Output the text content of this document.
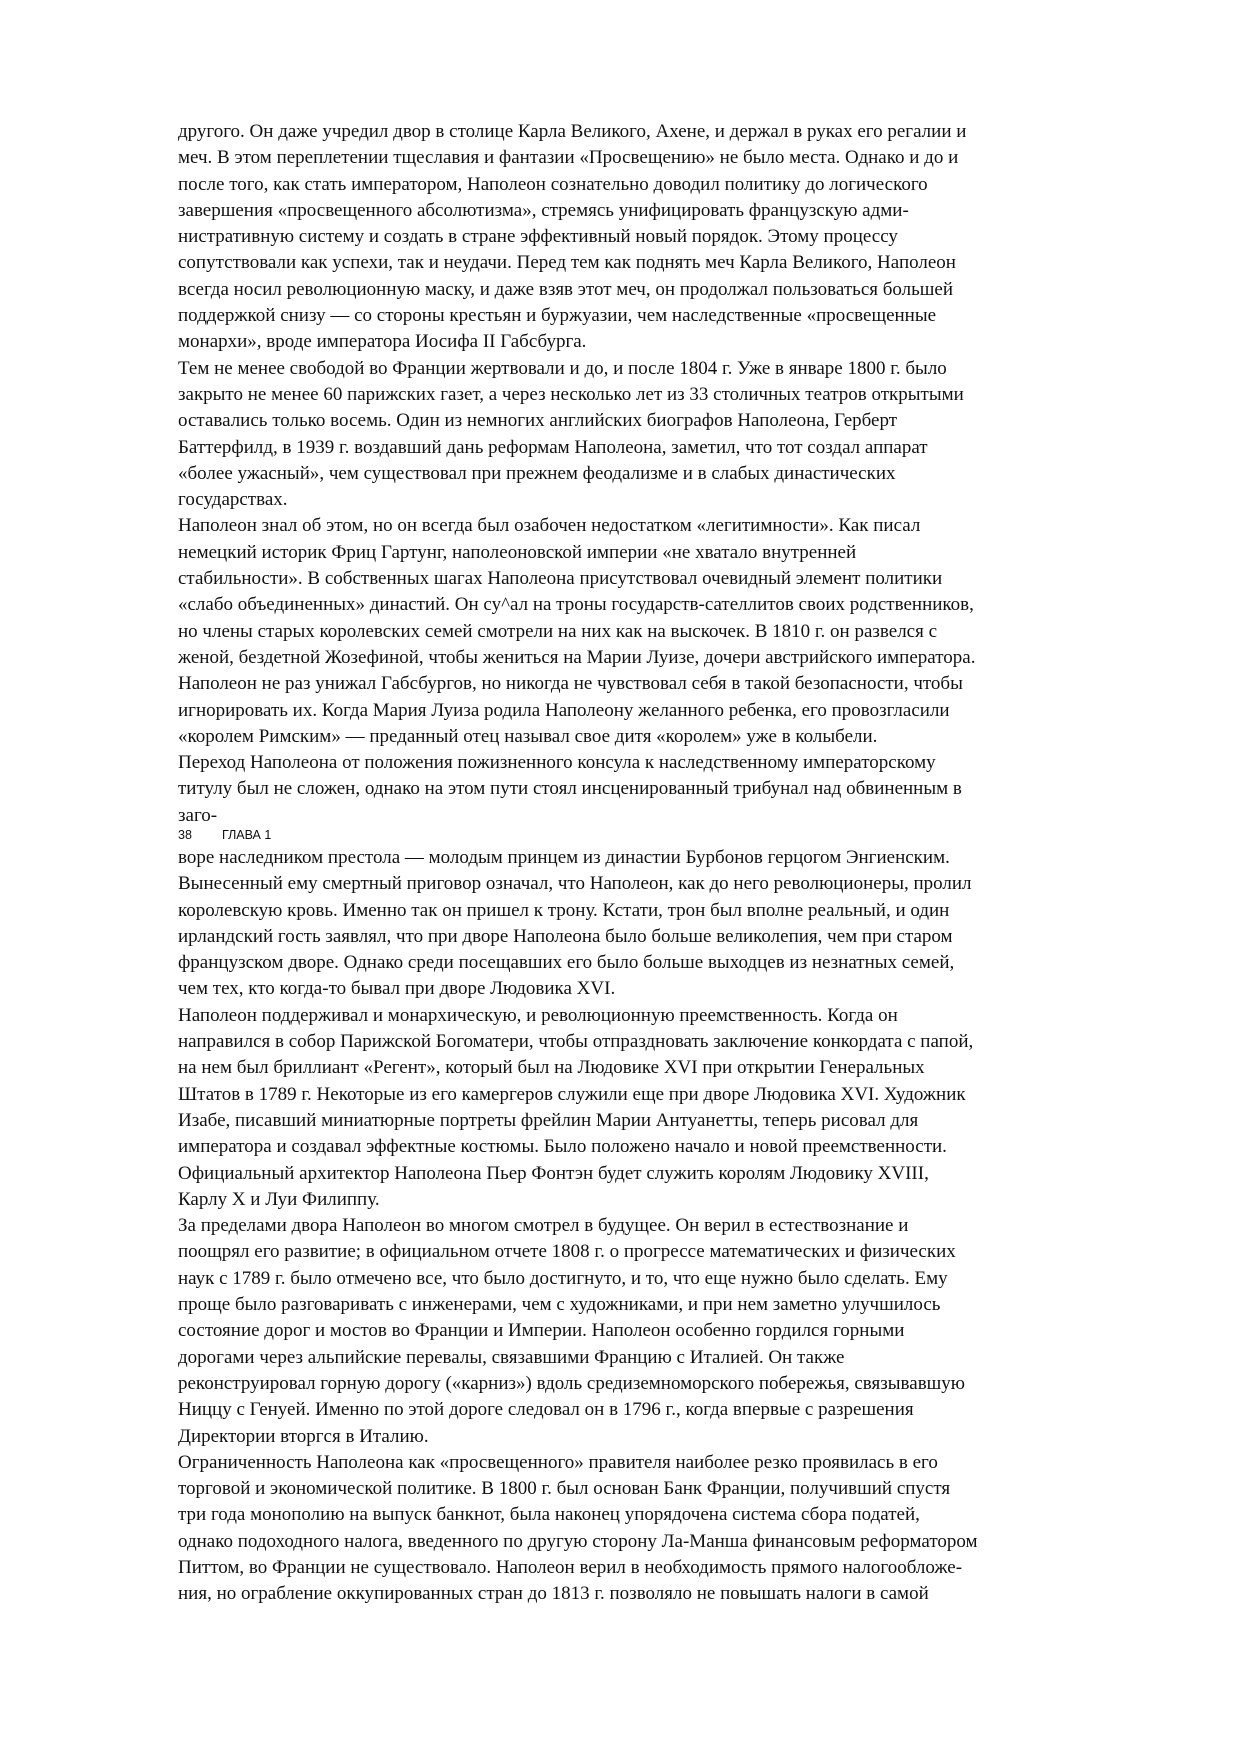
другого. Он даже учредил двор в столице Карла Великого, Ахене, и держал в руках его регалии и
меч. В этом переплетении тщеславия и фантазии «Просвещению» не было места. Однако и до и
после того, как стать императором, Наполеон сознательно доводил политику до логического
завершения «просвещенного абсолютизма», стремясь унифицировать французскую адми-
нистративную систему и создать в стране эффективный новый порядок. Этому процессу
сопутствовали как успехи, так и неудачи. Перед тем как поднять меч Карла Великого, Наполеон
всегда носил революционную маску, и даже взяв этот меч, он продолжал пользоваться большей
поддержкой снизу — со стороны крестьян и буржуазии, чем наследственные «просвещенные
монархи», вроде императора Иосифа II Габсбурга.
Тем не менее свободой во Франции жертвовали и до, и после 1804 г. Уже в январе 1800 г. было
закрыто не менее 60 парижских газет, а через несколько лет из 33 столичных театров открытыми
оставались только восемь. Один из немногих английских биографов Наполеона, Герберт
Баттерфилд, в 1939 г. воздавший дань реформам Наполеона, заметил, что тот создал аппарат
«более ужасный», чем существовал при прежнем феодализме и в слабых династических
государствах.
Наполеон знал об этом, но он всегда был озабочен недостатком «легитимности». Как писал
немецкий историк Фриц Гартунг, наполеоновской империи «не хватало внутренней
стабильности». В собственных шагах Наполеона присутствовал очевидный элемент политики
«слабо объединенных» династий. Он су^ал на троны государств-сателлитов своих родственников,
но члены старых королевских семей смотрели на них как на выскочек. В 1810 г. он развелся с
женой, бездетной Жозефиной, чтобы жениться на Марии Луизе, дочери австрийского императора.
Наполеон не раз унижал Габсбургов, но никогда не чувствовал себя в такой безопасности, чтобы
игнорировать их. Когда Мария Луиза родила Наполеону желанного ребенка, его провозгласили
«королем Римским» — преданный отец называл свое дитя «королем» уже в колыбели.
Переход Наполеона от положения пожизненного консула к наследственному императорскому
титулу был не сложен, однако на этом пути стоял инсценированный трибунал над обвиненным в
заго-
38 ГЛАВА 1
воре наследником престола — молодым принцем из династии Бурбонов герцогом Энгиенским.
Вынесенный ему смертный приговор означал, что Наполеон, как до него революционеры, пролил
королевскую кровь. Именно так он пришел к трону. Кстати, трон был вполне реальный, и один
ирландский гость заявлял, что при дворе Наполеона было больше великолепия, чем при старом
французском дворе. Однако среди посещавших его было больше выходцев из незнатных семей,
чем тех, кто когда-то бывал при дворе Людовика XVI.
Наполеон поддерживал и монархическую, и революционную преемственность. Когда он
направился в собор Парижской Богоматери, чтобы отпраздновать заключение конкордата с папой,
на нем был бриллиант «Регент», который был на Людовике XVI при открытии Генеральных
Штатов в 1789 г. Некоторые из его камергеров служили еще при дворе Людовика XVI. Художник
Изабе, писавший миниатюрные портреты фрейлин Марии Антуанетты, теперь рисовал для
императора и создавал эффектные костюмы. Было положено начало и новой преемственности.
Официальный архитектор Наполеона Пьер Фонтэн будет служить королям Людовику XVIII,
Карлу X и Луи Филиппу.
За пределами двора Наполеон во многом смотрел в будущее. Он верил в естествознание и
поощрял его развитие; в официальном отчете 1808 г. о прогрессе математических и физических
наук с 1789 г. было отмечено все, что было достигнуто, и то, что еще нужно было сделать. Ему
проще было разговаривать с инженерами, чем с художниками, и при нем заметно улучшилось
состояние дорог и мостов во Франции и Империи. Наполеон особенно гордился горными
дорогами через альпийские перевалы, связавшими Францию с Италией. Он также
реконструировал горную дорогу («карниз») вдоль средиземноморского побережья, связывавшую
Ниццу с Генуей. Именно по этой дороге следовал он в 1796 г., когда впервые с разрешения
Директории вторгся в Италию.
Ограниченность Наполеона как «просвещенного» правителя наиболее резко проявилась в его
торговой и экономической политике. В 1800 г. был основан Банк Франции, получивший спустя
три года монополию на выпуск банкнот, была наконец упорядочена система сбора податей,
однако подоходного налога, введенного по другую сторону Ла-Манша финансовым реформатором
Питтом, во Франции не существовало. Наполеон верил в необходимость прямого налогообложе-
ния, но ограбление оккупированных стран до 1813 г. позволяло не повышать налоги в самой
